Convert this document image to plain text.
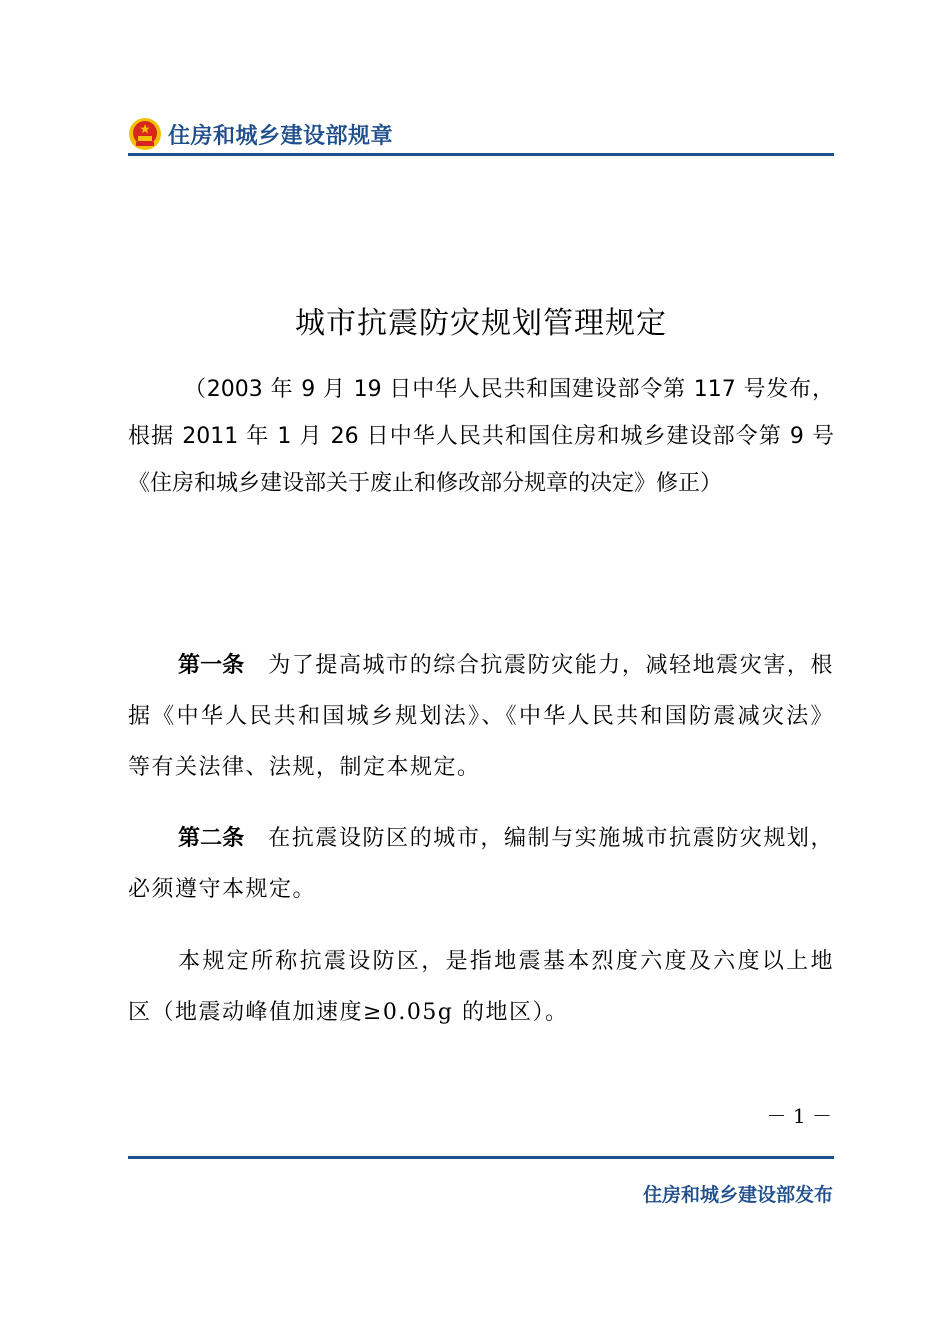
住房和城乡建设部规章
城市抗震防灾规划管理规定
（2003 年 9 月 19 日中华人民共和国建设部令第 117 号发布，根据 2011 年 1 月 26 日中华人民共和国住房和城乡建设部令第 9 号《住房和城乡建设部关于废止和修改部分规章的决定》修正）
第一条 为了提高城市的综合抗震防灾能力，减轻地震灾害，根据《中华人民共和国城乡规划法》、《中华人民共和国防震减灾法》等有关法律、法规，制定本规定。
第二条 在抗震设防区的城市，编制与实施城市抗震防灾规划，必须遵守本规定。
本规定所称抗震设防区，是指地震基本烈度六度及六度以上地区（地震动峰值加速度≥0.05g 的地区）。
－ 1 －
住房和城乡建设部发布
